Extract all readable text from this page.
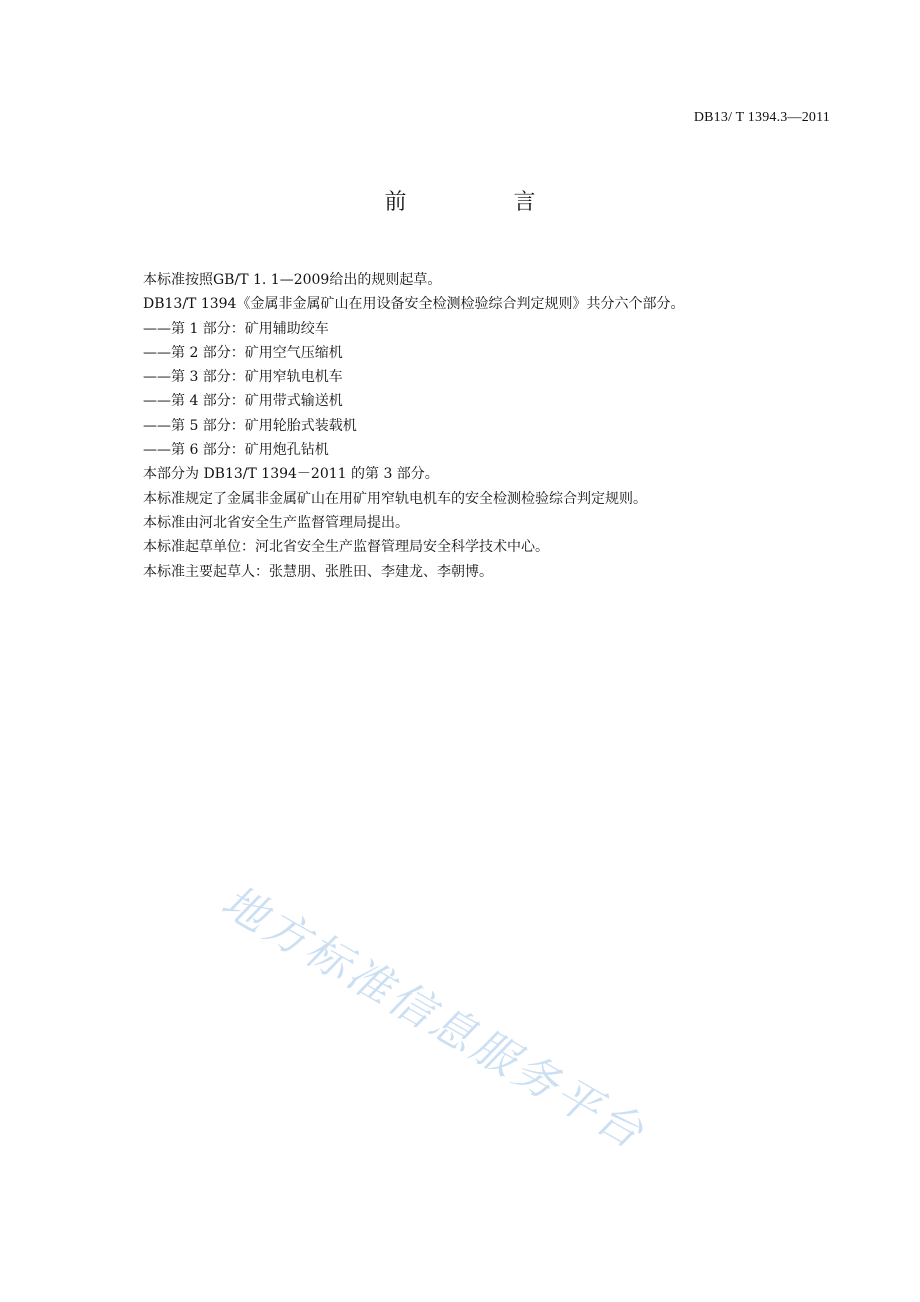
DB13/ T 1394.3—2011
前 言
本标准按照GB/T 1. 1—2009给出的规则起草。
DB13/T 1394《金属非金属矿山在用设备安全检测检验综合判定规则》共分六个部分。
——第 1 部分：矿用辅助绞车
——第 2 部分：矿用空气压缩机
——第 3 部分：矿用窄轨电机车
——第 4 部分：矿用带式输送机
——第 5 部分：矿用轮胎式装载机
——第 6 部分：矿用炮孔钻机
本部分为 DB13/T 1394－2011 的第 3 部分。
本标准规定了金属非金属矿山在用矿用窄轨电机车的安全检测检验综合判定规则。
本标准由河北省安全生产监督管理局提出。
本标准起草单位：河北省安全生产监督管理局安全科学技术中心。
本标准主要起草人：张慧朋、张胜田、李建龙、李朝博。
地方标准信息服务平台
